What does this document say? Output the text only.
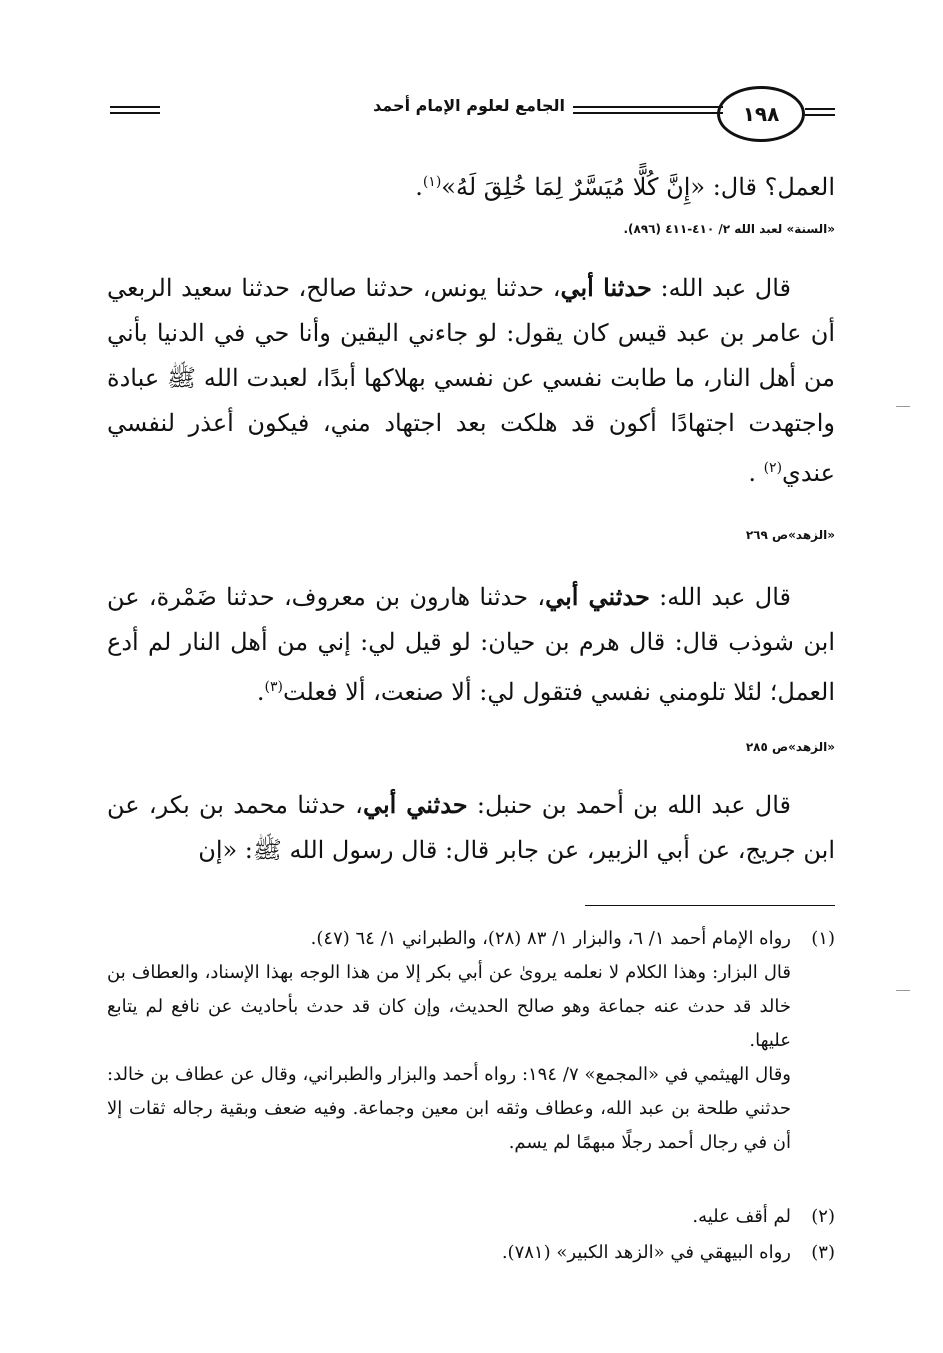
١٩٨
الجامع لعلوم الإمام أحمد
العمل؟ قال: «إِنَّ كُلًّا مُيَسَّرٌ لِمَا خُلِقَ لَهُ»$^{(١)}$.
«السنة» لعبد الله ٢/ ٤١٠-٤١١ (٨٩٦).
قال عبد الله: حدثنا أبي، حدثنا يونس، حدثنا صالح، حدثنا سعيد الربعي أن عامر بن عبد قيس كان يقول: لو جاءني اليقين وأنا حي في الدنيا بأني من أهل النار، ما طابت نفسي عن نفسي بهلاكها أبدًا، لعبدت الله ﷺ عبادة واجتهدت اجتهادًا أكون قد هلكت بعد اجتهاد مني، فيكون أعذر لنفسي عندي$^{(٢)}$ .
«الزهد»ص ٢٦٩
قال عبد الله: حدثني أبي، حدثنا هارون بن معروف، حدثنا ضَمْرة، عن ابن شوذب قال: قال هرم بن حيان: لو قيل لي: إني من أهل النار لم أدع العمل؛ لئلا تلومني نفسي فتقول لي: ألا صنعت، ألا فعلت$^{(٣)}$.
«الزهد»ص ٢٨٥
قال عبد الله بن أحمد بن حنبل: حدثني أبي، حدثنا محمد بن بكر، عن ابن جريج، عن أبي الزبير، عن جابر قال: قال رسول الله ﷺ: «إن
(١)رواه الإمام أحمد ١/ ٦، والبزار ١/ ٨٣ (٢٨)، والطبراني ١/ ٦٤ (٤٧).
قال البزار: وهذا الكلام لا نعلمه يروىٰ عن أبي بكر إلا من هذا الوجه بهذا الإسناد، والعطاف بن خالد قد حدث عنه جماعة وهو صالح الحديث، وإن كان قد حدث بأحاديث عن نافع لم يتابع عليها.
وقال الهيثمي في «المجمع» ٧/ ١٩٤: رواه أحمد والبزار والطبراني، وقال عن عطاف بن خالد: حدثني طلحة بن عبد الله، وعطاف وثقه ابن معين وجماعة. وفيه ضعف وبقية رجاله ثقات إلا أن في رجال أحمد رجلًا مبهمًا لم يسم.
(٢)لم أقف عليه.
(٣)رواه البيهقي في «الزهد الكبير» (٧٨١).
